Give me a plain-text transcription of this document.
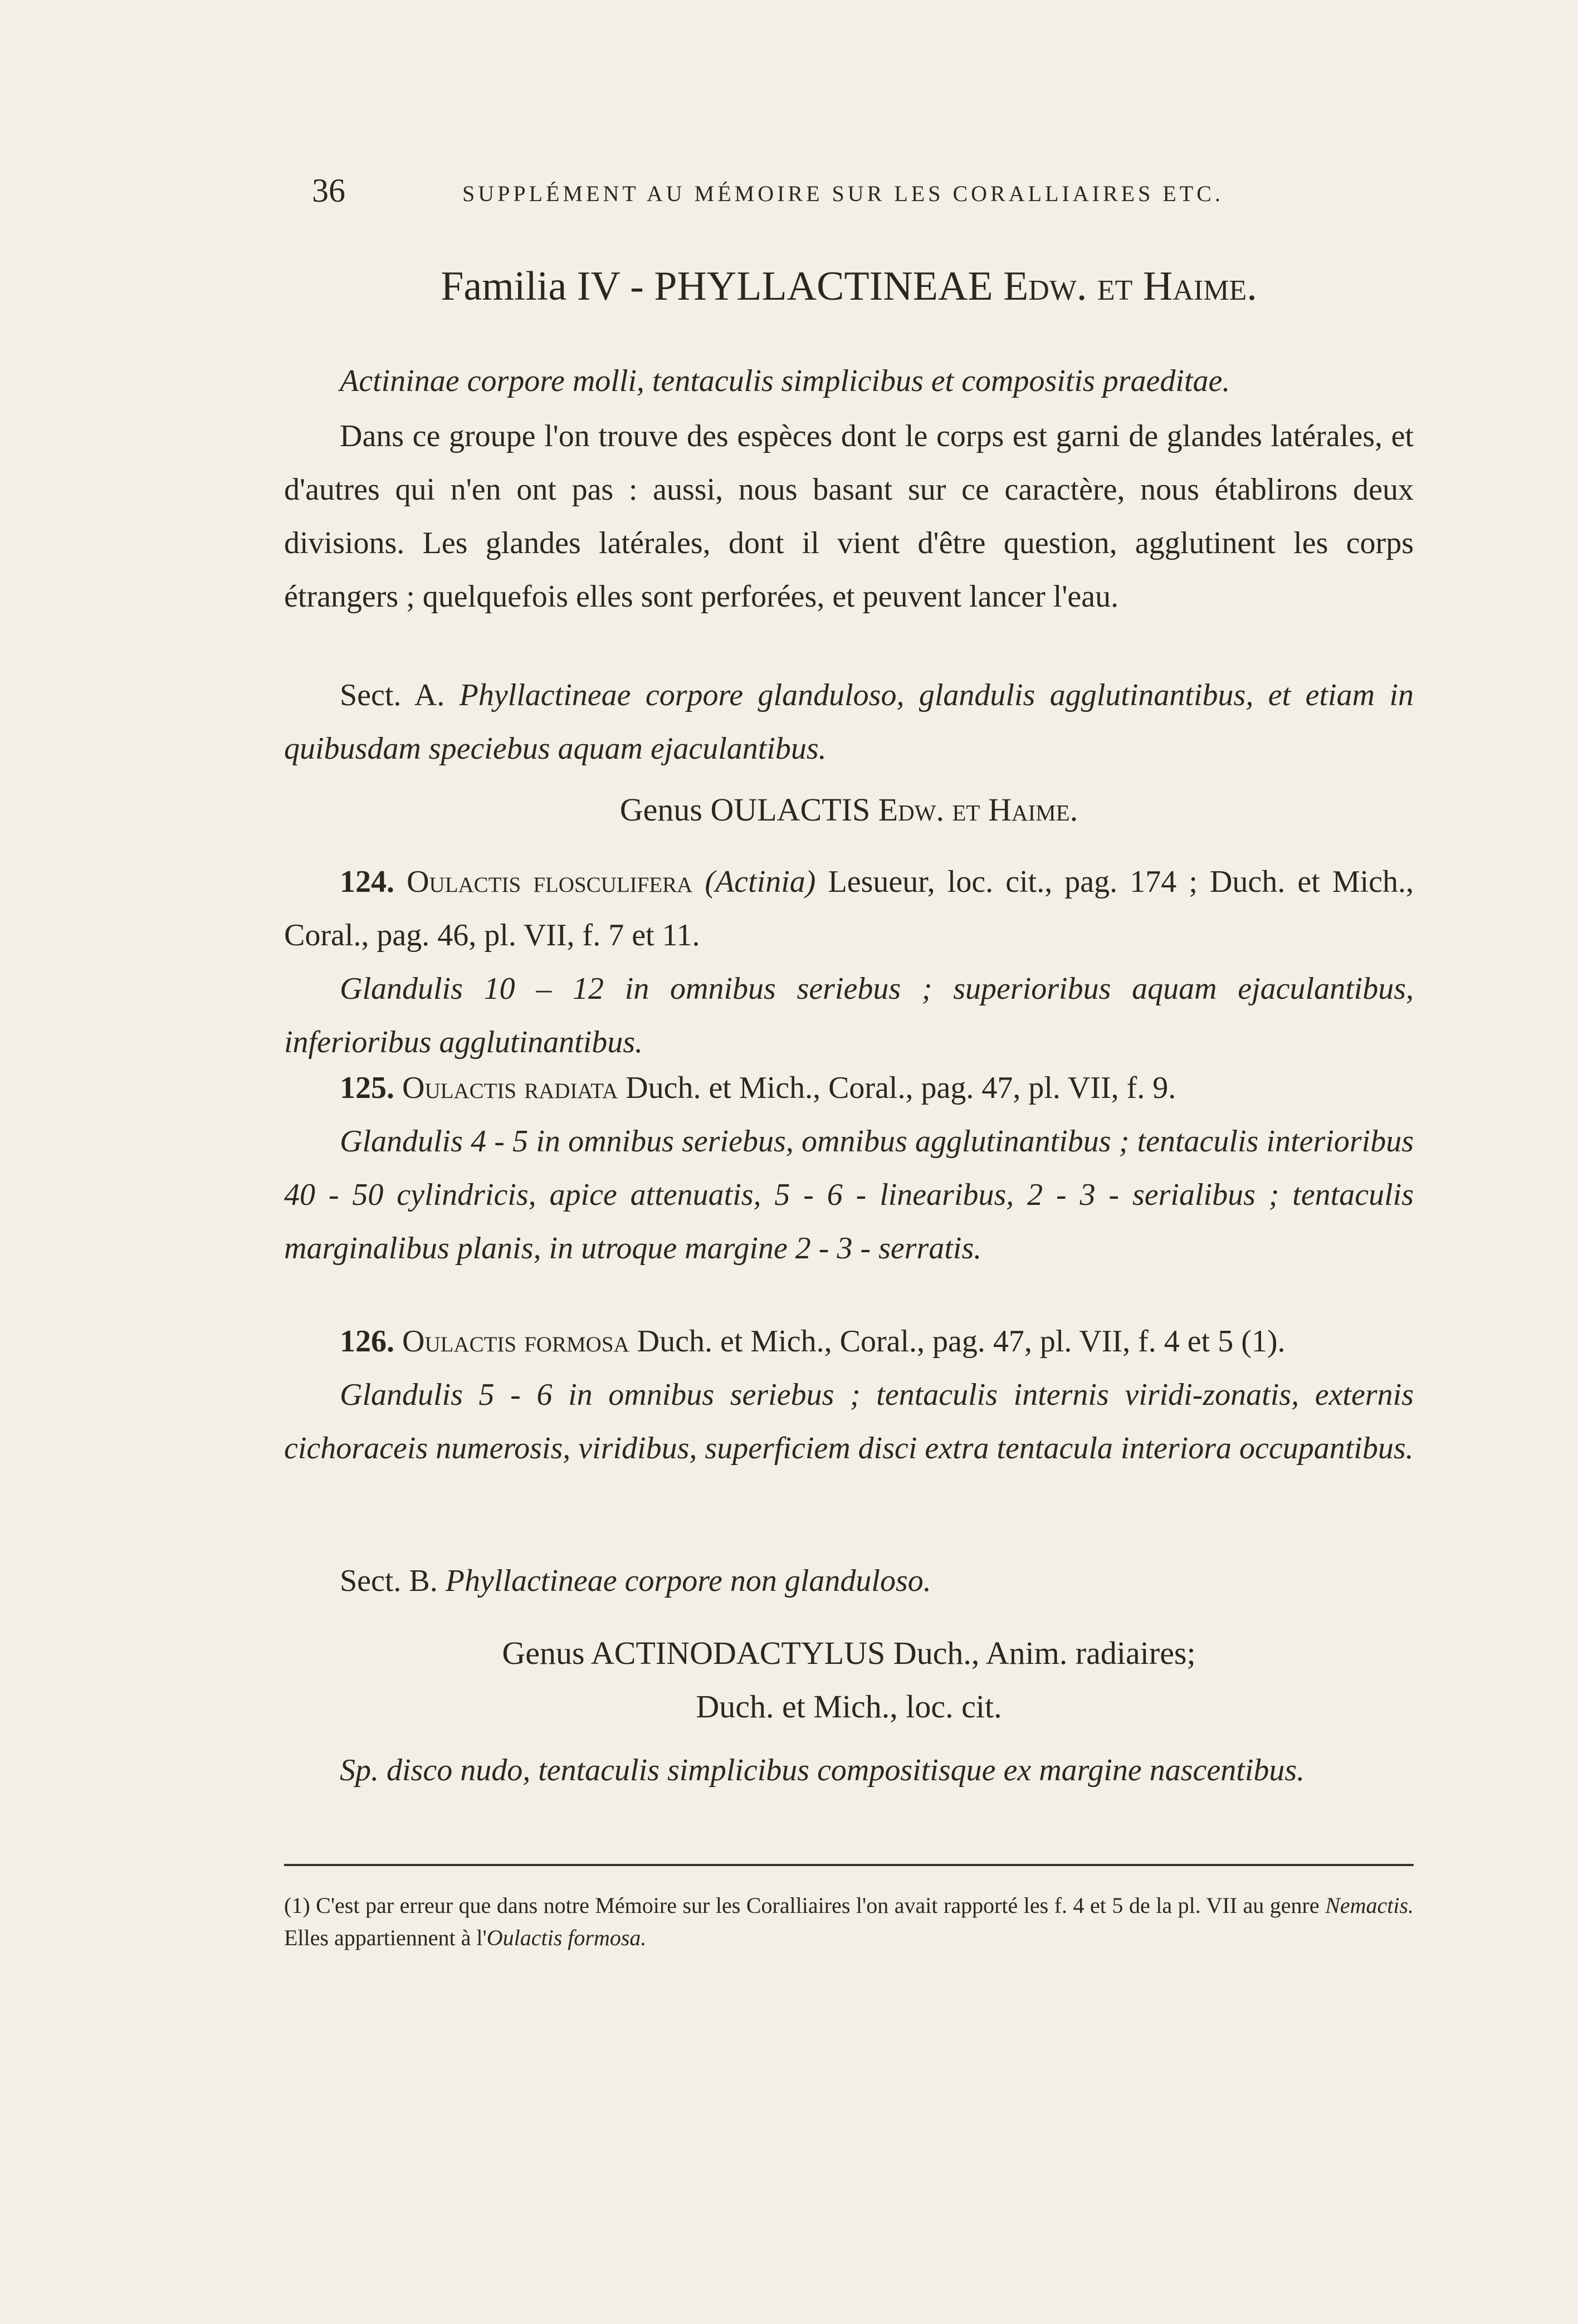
36	SUPPLÉMENT AU MÉMOIRE SUR LES CORALLIAIRES ETC.
Familia IV - PHYLLACTINEAE Edw. et Haime.
Actininae corpore molli, tentaculis simplicibus et compositis praeditae.
Dans ce groupe l'on trouve des espèces dont le corps est garni de glandes latérales, et d'autres qui n'en ont pas : aussi, nous basant sur ce caractère, nous établirons deux divisions. Les glandes latérales, dont il vient d'être question, agglutinent les corps étrangers ; quelquefois elles sont perforées, et peuvent lancer l'eau.
Sect. A. Phyllactineae corpore glanduloso, glandulis agglutinantibus, et etiam in quibusdam speciebus aquam ejaculantibus.
Genus OULACTIS Edw. et Haime.
124. Oulactis flosculifera (Actinia) Lesueur, loc. cit., pag. 174 ; Duch. et Mich., Coral., pag. 46, pl. VII, f. 7 et 11.
Glandulis 10 – 12 in omnibus seriebus ; superioribus aquam ejaculantibus, inferioribus agglutinantibus.
125. Oulactis radiata Duch. et Mich., Coral., pag. 47, pl. VII, f. 9.
Glandulis 4 - 5 in omnibus seriebus, omnibus agglutinantibus ; tentaculis interioribus 40 - 50 cylindricis, apice attenuatis, 5 - 6 - linearibus, 2 - 3 - serialibus ; tentaculis marginalibus planis, in utroque margine 2 - 3 - serratis.
126. Oulactis formosa Duch. et Mich., Coral., pag. 47, pl. VII, f. 4 et 5 (1).
Glandulis 5 - 6 in omnibus seriebus ; tentaculis internis viridi-zonatis, externis cichoraceis numerosis, viridibus, superficiem disci extra tentacula interiora occupantibus.
Sect. B. Phyllactineae corpore non glanduloso.
Genus ACTINODACTYLUS Duch., Anim. radiaires;
Duch. et Mich., loc. cit.
Sp. disco nudo, tentaculis simplicibus compositisque ex margine nascentibus.
(1) C'est par erreur que dans notre Mémoire sur les Coralliaires l'on avait rapporté les f. 4 et 5 de la pl. VII au genre Nemactis. Elles appartiennent à l'Oulactis formosa.
